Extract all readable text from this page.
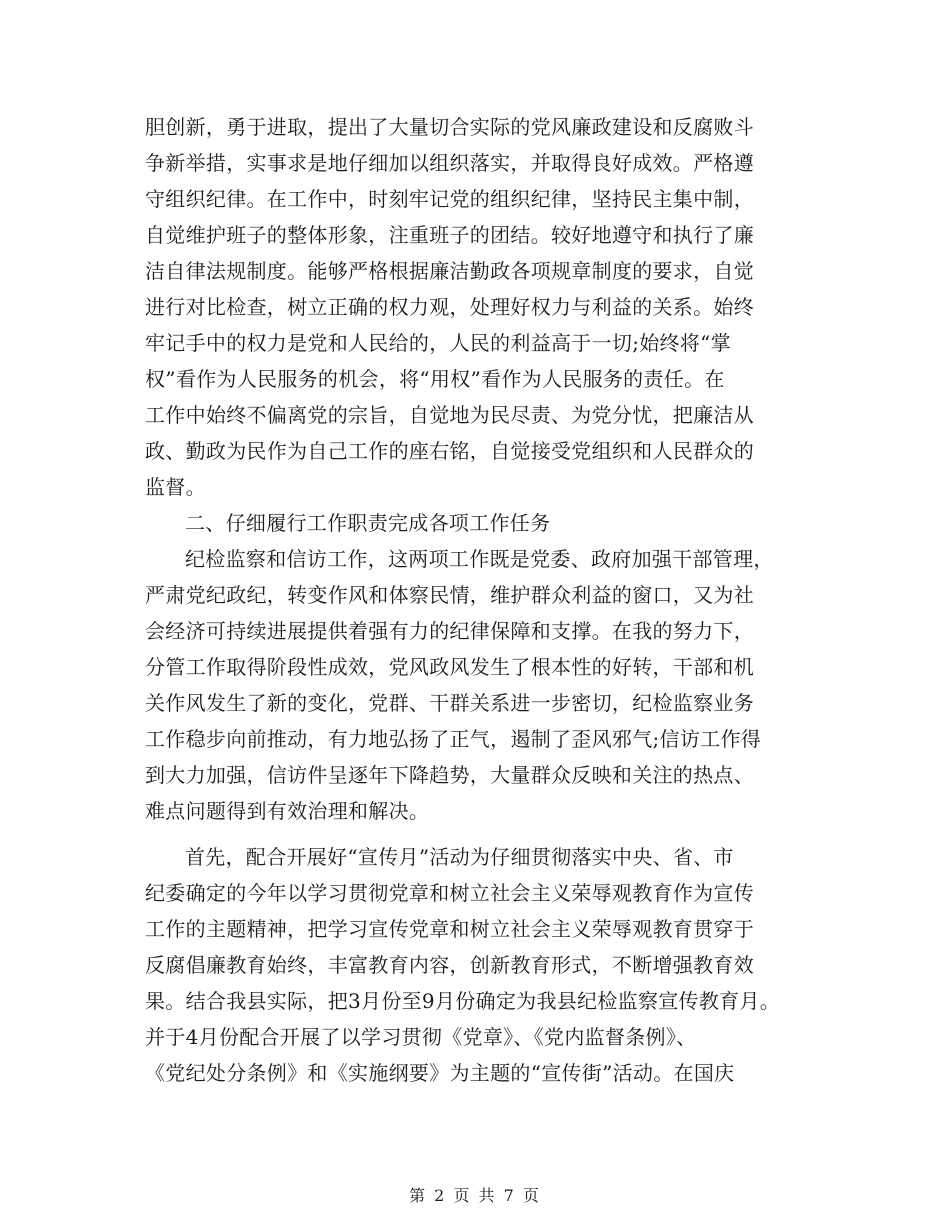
胆创新，勇于进取，提出了大量切合实际的党风廉政建设和反腐败斗
争新举措，实事求是地仔细加以组织落实，并取得良好成效。严格遵
守组织纪律。在工作中，时刻牢记党的组织纪律，坚持民主集中制，
自觉维护班子的整体形象，注重班子的团结。较好地遵守和执行了廉
洁自律法规制度。能够严格根据廉洁勤政各项规章制度的要求，自觉
进行对比检查，树立正确的权力观，处理好权力与利益的关系。始终
牢记手中的权力是党和人民给的，人民的利益高于一切;始终将“掌
权”看作为人民服务的机会，将“用权”看作为人民服务的责任。在
工作中始终不偏离党的宗旨，自觉地为民尽责、为党分忧，把廉洁从
政、勤政为民作为自己工作的座右铭，自觉接受党组织和人民群众的
监督。
二、仔细履行工作职责完成各项工作任务
纪检监察和信访工作，这两项工作既是党委、政府加强干部管理，
严肃党纪政纪，转变作风和体察民情，维护群众利益的窗口，又为社
会经济可持续进展提供着强有力的纪律保障和支撑。在我的努力下，
分管工作取得阶段性成效，党风政风发生了根本性的好转，干部和机
关作风发生了新的变化，党群、干群关系进一步密切，纪检监察业务
工作稳步向前推动，有力地弘扬了正气，遏制了歪风邪气;信访工作得
到大力加强，信访件呈逐年下降趋势，大量群众反映和关注的热点、
难点问题得到有效治理和解决。
首先，配合开展好“宣传月”活动为仔细贯彻落实中央、省、市
纪委确定的今年以学习贯彻党章和树立社会主义荣辱观教育作为宣传
工作的主题精神，把学习宣传党章和树立社会主义荣辱观教育贯穿于
反腐倡廉教育始终，丰富教育内容，创新教育形式，不断增强教育效
果。结合我县实际，把3月份至9月份确定为我县纪检监察宣传教育月。
并于4月份配合开展了以学习贯彻《党章》、《党内监督条例》、
《党纪处分条例》和《实施纲要》为主题的“宣传街”活动。在国庆
第 2 页 共 7 页
